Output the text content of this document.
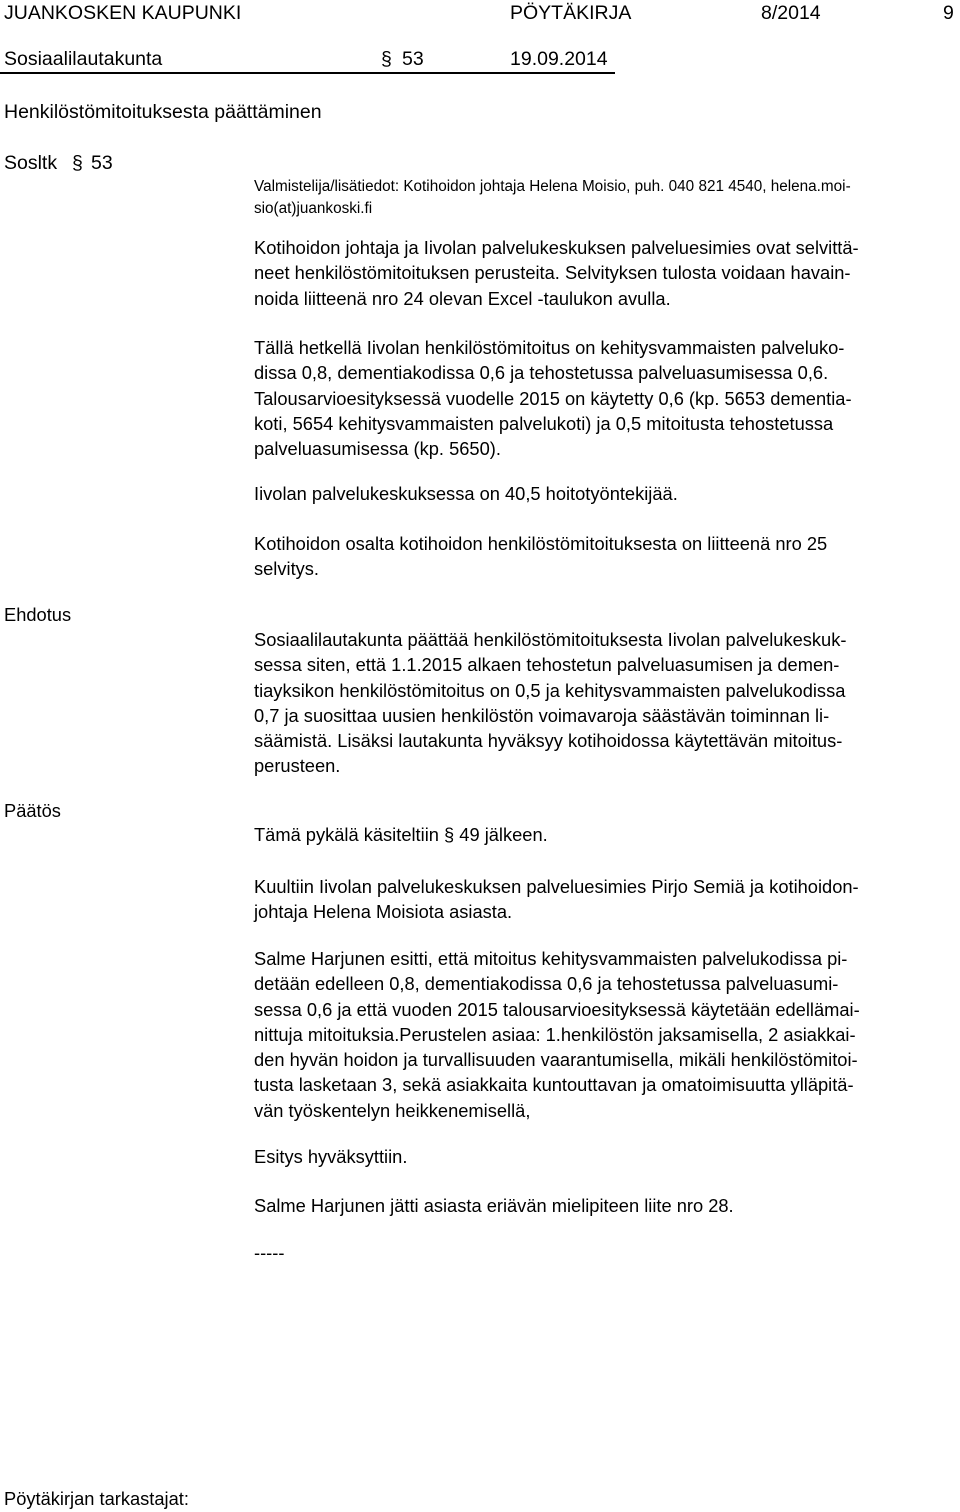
JUANKOSKEN KAUPUNKI	PÖYTÄKIRJA	8/2014	9
Sosiaalilautakunta	§ 53	19.09.2014
Henkilöstömitoituksesta päättäminen
Sosltk § 53
Valmistelija/lisätiedot: Kotihoidon johtaja Helena Moisio, puh. 040 821 4540, helena.moi-
sio(at)juankoski.fi
Kotihoidon johtaja ja Iivolan palvelukeskuksen palveluesimies ovat selvittä-
neet henkilöstömitoituksen perusteita. Selvityksen tulosta voidaan havain-
noida liitteenä nro 24 olevan Excel -taulukon avulla.
Tällä hetkellä Iivolan henkilöstömitoitus on kehitysvammaisten palveluko-
dissa 0,8, dementiakodissa 0,6 ja tehostetussa palveluasumisessa 0,6.
Talousarvioesityksessä vuodelle 2015 on käytetty 0,6 (kp. 5653 dementia-
koti, 5654 kehitysvammaisten palvelukoti) ja 0,5 mitoitusta tehostetussa
palveluasumisessa (kp. 5650).
Iivolan palvelukeskuksessa on 40,5 hoitotyöntekijää.
Kotihoidon osalta kotihoidon henkilöstömitoituksesta on liitteenä nro 25
selvitys.
Ehdotus
Sosiaalilautakunta päättää henkilöstömitoituksesta Iivolan palvelukeskuk-
sessa siten, että 1.1.2015 alkaen tehostetun palveluasumisen ja demen-
tiayksikon henkilöstömitoitus on 0,5 ja kehitysvammaisten palvelukodissa
0,7 ja suosittaa uusien henkilöstön voimavaroja säästävän toiminnan li-
säämistä. Lisäksi lautakunta hyväksyy kotihoidossa käytettävän mitoitus-
perusteen.
Päätös
Tämä pykälä käsiteltiin § 49 jälkeen.
Kuultiin Iivolan palvelukeskuksen palveluesimies Pirjo Semiä ja kotihoidon-
johtaja Helena Moisiota asiasta.
Salme Harjunen esitti, että mitoitus kehitysvammaisten palvelukodissa pi-
detään edelleen 0,8, dementiakodissa 0,6 ja tehostetussa palveluasumi-
sessa 0,6 ja että vuoden 2015 talousarvioesityksessä käytetään edellämai-
nittuja mitoituksia.Perustelen asiaa: 1.henkilöstön jaksamisella, 2 asiakkai-
den hyvän hoidon ja turvallisuuden vaarantumisella, mikäli henkilöstömitoi-
tusta lasketaan 3, sekä asiakkaita kuntouttavan ja omatoimisuutta ylläpitä-
vän työskentelyn heikkenemisellä,
Esitys hyväksyttiin.
Salme Harjunen jätti asiasta eriävän mielipiteen liite nro 28.
-----
Pöytäkirjan tarkastajat:
